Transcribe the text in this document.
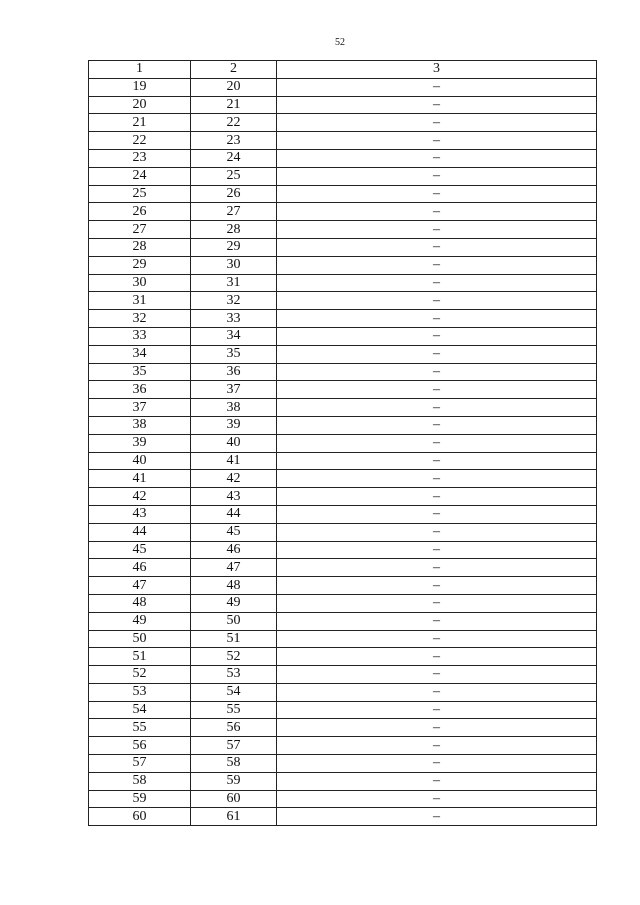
52
1	2	3
19	20	–
20	21	–
21	22	–
22	23	–
23	24	–
24	25	–
25	26	–
26	27	–
27	28	–
28	29	–
29	30	–
30	31	–
31	32	–
32	33	–
33	34	–
34	35	–
35	36	–
36	37	–
37	38	–
38	39	–
39	40	–
40	41	–
41	42	–
42	43	–
43	44	–
44	45	–
45	46	–
46	47	–
47	48	–
48	49	–
49	50	–
50	51	–
51	52	–
52	53	–
53	54	–
54	55	–
55	56	–
56	57	–
57	58	–
58	59	–
59	60	–
60	61	–
